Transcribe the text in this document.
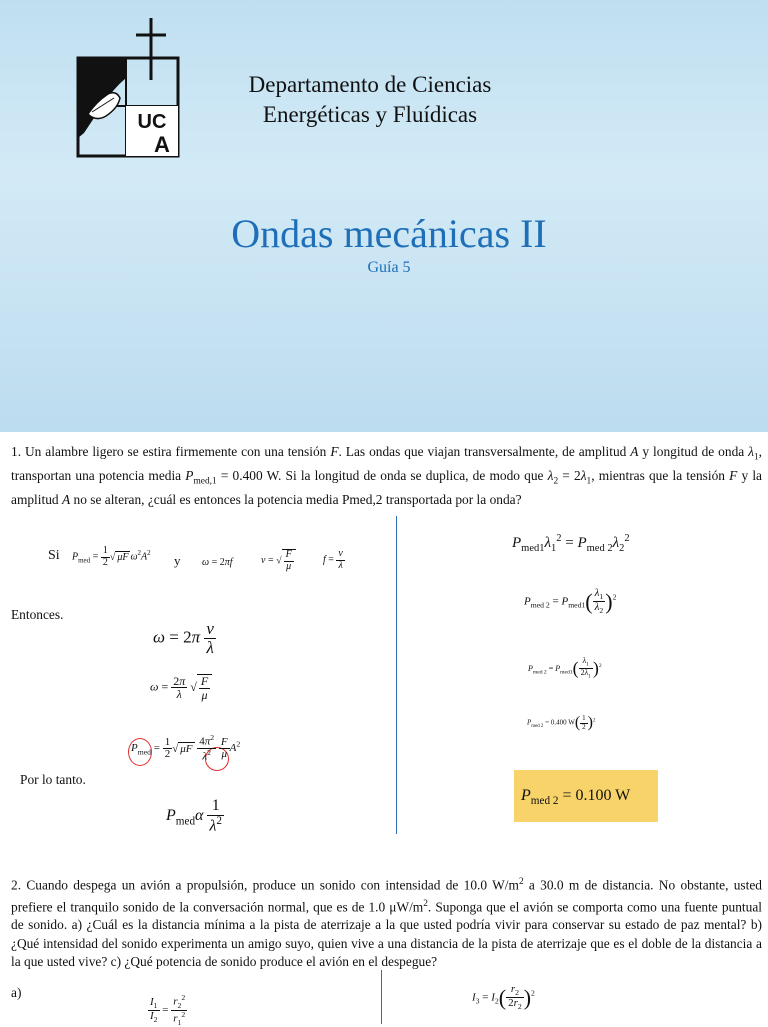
UC
A
Departamento de Ciencias
Energéticas y Fluídicas
Ondas mecánicas II
Guía 5
1. Un alambre ligero se estira firmemente con una tensión F. Las ondas que viajan transversalmente, de amplitud A y longitud de onda $\lambda_1$, transportan una potencia media $P_{med,1} = 0.400$ W. Si la longitud de onda se duplica, de modo que $\lambda_2 = 2\lambda_1$, mientras que la tensión F y la amplitud A no se alteran, ¿cuál es entonces la potencia media Pmed,2 transportada por la onda?
Si $P_{med} = \frac{1}{2}$ √ μF $\omega^2A^2$
y ω = 2πf	v = √ $\frac{F}{\mu}$	$f = \frac{v}{\lambda}$
Entonces.
$\omega = 2\pi \frac{v}{\lambda}$
$\omega = \frac{2\pi}{\lambda}$ √ $\frac{F}{\mu}$
$P_{med} = \frac{1}{2}$ √ μF $\frac{4\pi^2}{\lambda^2}$
$\frac{F}{\mu} A^2$
Por lo tanto.
$P_{med}\alpha \frac{1}{\lambda^2}$
$P_{med1}\lambda_1^2 = P_{med 2}\lambda_2^2$
$P_{med 2} = P_{med1}( \frac{\lambda_1}{\lambda_2} )^2$
$P_{med 2} = P_{med1}( \frac{\lambda_1}{2\lambda_1} )^2$
$P_{med 2} = 0.400$ $W( \frac{1}{2} )^2$
$P_{med 2} = 0.100$ W
2. Cuando despega un avión a propulsión, produce un sonido con intensidad de 10.0 $W/m^2$ a 30.0 m de distancia. No obstante, usted prefiere el tranquilo sonido de la conversación normal, que es de 1.0 $\mu W/m^2$. Suponga que el avión se comporta como una fuente puntual de sonido. a) ¿Cuál es la distancia mínima a la pista de aterrizaje a la que usted podría vivir para conservar su estado de paz mental? b) ¿Qué intensidad del sonido experimenta un amigo suyo, quien vive a una distancia de la pista de aterrizaje que es el doble de la distancia a la que usted vive? c) ¿Qué potencia de sonido produce el avión en el despegue?
a)
$\frac{I_1}{I_2} = \frac{r_2^2}{r_1^2}$	$I_3 = I_2( \frac{r_2}{2r_2} )^2$
